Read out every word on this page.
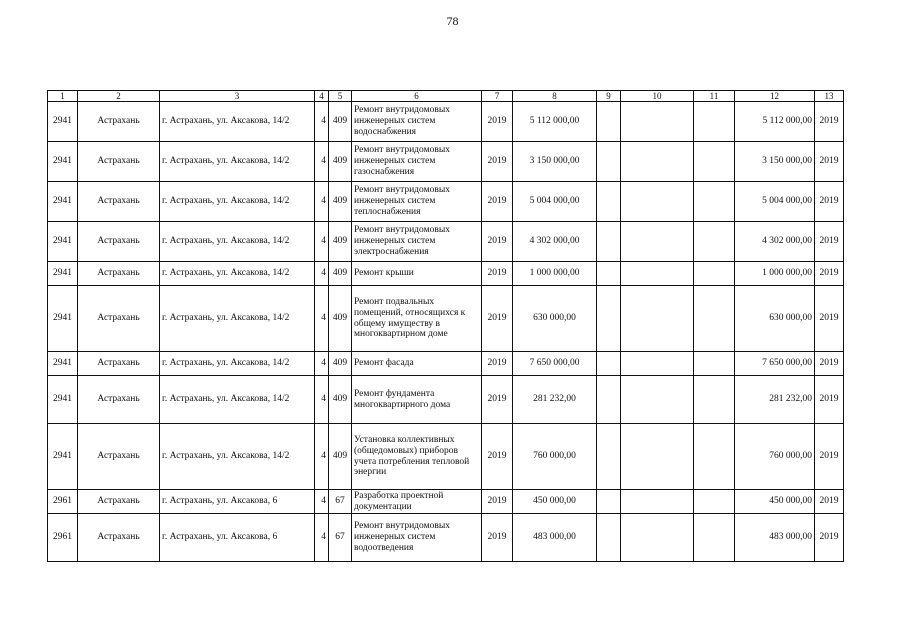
78
1	2	3	4	5	6	7	8	9	10	11	12	13
2941	Астрахань	г. Астрахань, ул. Аксакова, 14/2	4	409	Ремонт внутридомовых инженерных систем водоснабжения	2019	5 112 000,00				5 112 000,00	2019
2941	Астрахань	г. Астрахань, ул. Аксакова, 14/2	4	409	Ремонт внутридомовых инженерных систем газоснабжения	2019	3 150 000,00				3 150 000,00	2019
2941	Астрахань	г. Астрахань, ул. Аксакова, 14/2	4	409	Ремонт внутридомовых инженерных систем теплоснабжения	2019	5 004 000,00				5 004 000,00	2019
2941	Астрахань	г. Астрахань, ул. Аксакова, 14/2	4	409	Ремонт внутридомовых инженерных систем электроснабжения	2019	4 302 000,00				4 302 000,00	2019
2941	Астрахань	г. Астрахань, ул. Аксакова, 14/2	4	409	Ремонт крыши	2019	1 000 000,00				1 000 000,00	2019
2941	Астрахань	г. Астрахань, ул. Аксакова, 14/2	4	409	Ремонт подвальных помещений, относящихся к общему имуществу в многоквартирном доме	2019	630 000,00				630 000,00	2019
2941	Астрахань	г. Астрахань, ул. Аксакова, 14/2	4	409	Ремонт фасада	2019	7 650 000,00				7 650 000,00	2019
2941	Астрахань	г. Астрахань, ул. Аксакова, 14/2	4	409	Ремонт фундамента многоквартирного дома	2019	281 232,00				281 232,00	2019
2941	Астрахань	г. Астрахань, ул. Аксакова, 14/2	4	409	Установка коллективных (общедомовых) приборов учета потребления тепловой энергии	2019	760 000,00				760 000,00	2019
2961	Астрахань	г. Астрахань, ул. Аксакова, 6	4	67	Разработка проектной документации	2019	450 000,00				450 000,00	2019
2961	Астрахань	г. Астрахань, ул. Аксакова, 6	4	67	Ремонт внутридомовых инженерных систем водоотведения	2019	483 000,00				483 000,00	2019
